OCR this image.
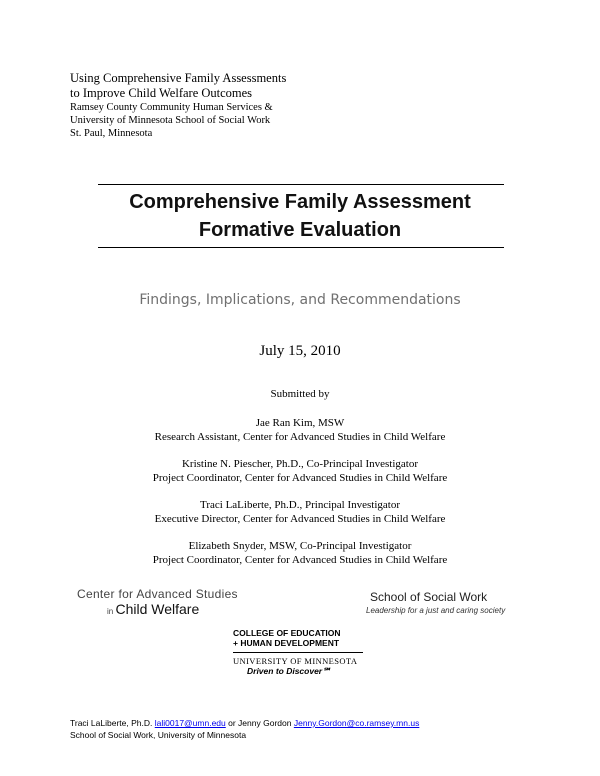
Using Comprehensive Family Assessments
to Improve Child Welfare Outcomes
Ramsey County Community Human Services &
University of Minnesota School of Social Work
St. Paul, Minnesota
Comprehensive Family Assessment
Formative Evaluation
Findings, Implications, and Recommendations
July 15, 2010
Submitted by
Jae Ran Kim, MSW
Research Assistant, Center for Advanced Studies in Child Welfare
Kristine N. Piescher, Ph.D., Co-Principal Investigator
Project Coordinator, Center for Advanced Studies in Child Welfare
Traci LaLiberte, Ph.D., Principal Investigator
Executive Director, Center for Advanced Studies in Child Welfare
Elizabeth Snyder, MSW, Co-Principal Investigator
Project Coordinator, Center for Advanced Studies in Child Welfare
Center for Advanced Studies
in Child Welfare
School of Social Work
Leadership for a just and caring society
COLLEGE OF EDUCATION
+ HUMAN DEVELOPMENT
UNIVERSITY OF MINNESOTA
Driven to Discover℠
Traci LaLiberte, Ph.D. lali0017@umn.edu or Jenny Gordon Jenny.Gordon@co.ramsey.mn.us
School of Social Work, University of Minnesota
